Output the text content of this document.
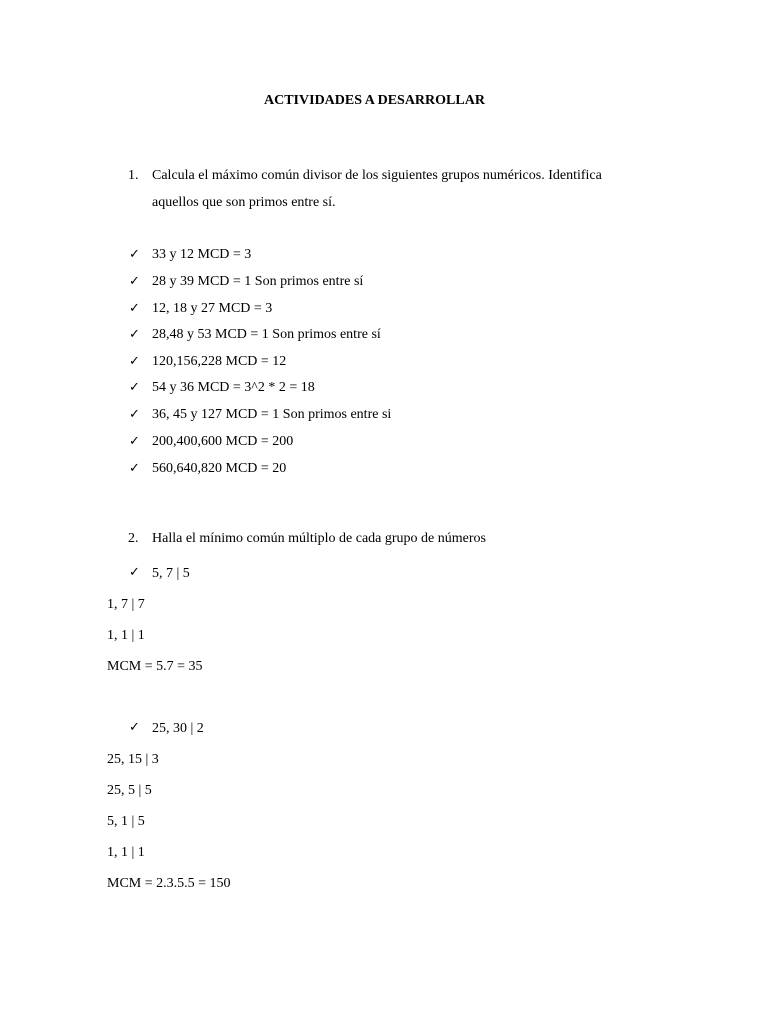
ACTIVIDADES A DESARROLLAR
1. Calcula el máximo común divisor de los siguientes grupos numéricos. Identifica
aquellos que son primos entre sí.
✓ 33 y 12 MCD = 3
✓ 28 y 39 MCD = 1 Son primos entre sí
✓ 12, 18 y 27 MCD = 3
✓ 28,48 y 53 MCD = 1 Son primos entre sí
✓ 120,156,228 MCD = 12
✓ 54 y 36 MCD = 3^2 * 2 = 18
✓ 36, 45 y 127 MCD = 1 Son primos entre si
✓ 200,400,600 MCD = 200
✓ 560,640,820 MCD = 20
2. Halla el mínimo común múltiplo de cada grupo de números
✓ 5, 7 | 5
1, 7 | 7
1, 1 | 1
MCM = 5.7 = 35
✓ 25, 30 | 2
25, 15 | 3
25, 5 | 5
5, 1 | 5
1, 1 | 1
MCM = 2.3.5.5 = 150
